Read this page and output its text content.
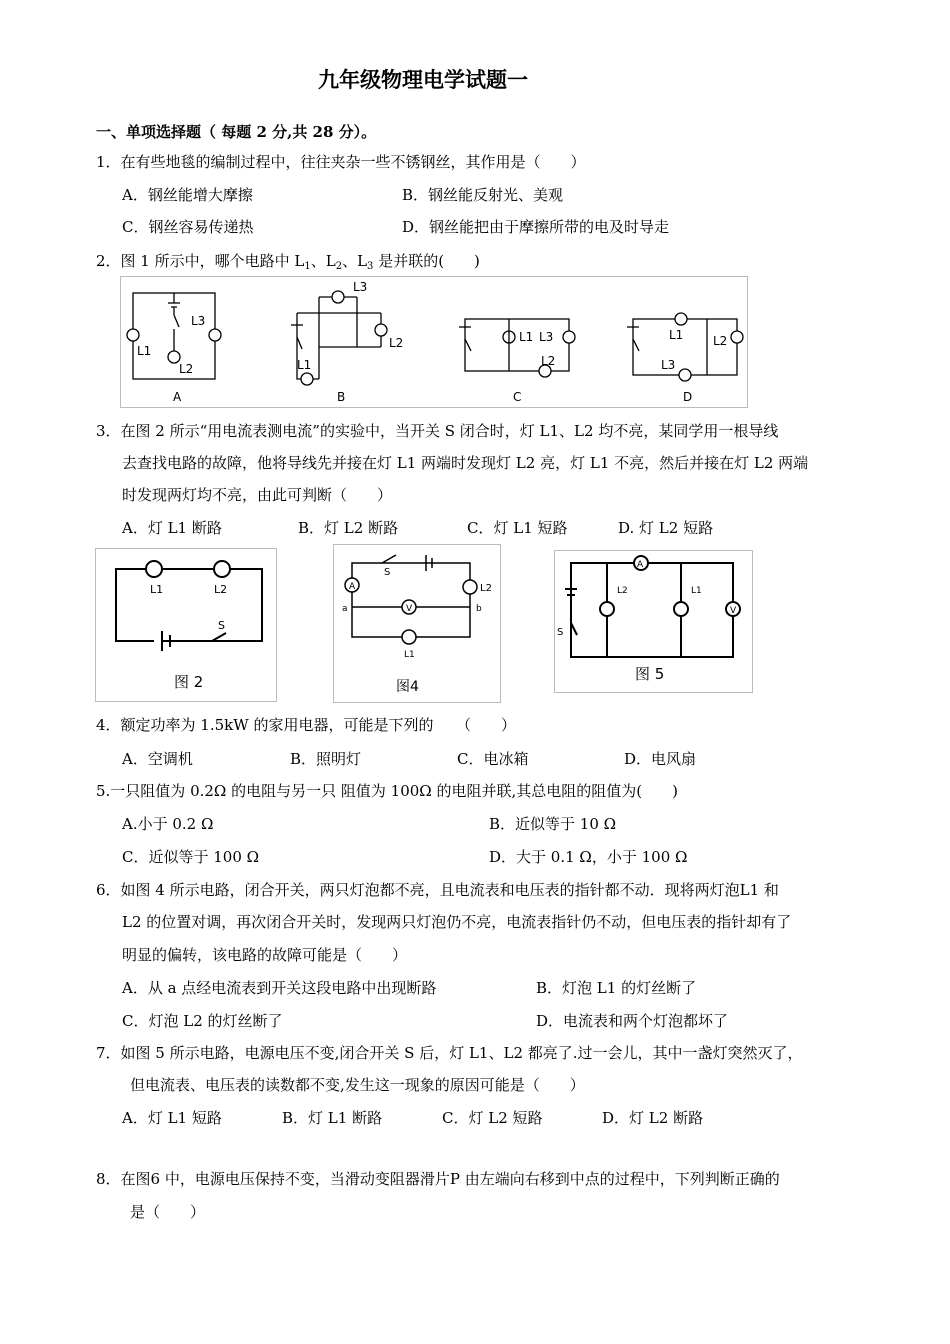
九年级物理电学试题一
一、单项选择题（ 每题 2 分,共 28 分）。
1．在有些地毯的编制过程中，往往夹杂一些不锈钢丝，其作用是（　　）
A．钢丝能增大摩擦	B．钢丝能反射光、美观
C．钢丝容易传递热	D．钢丝能把由于摩擦所带的电及时导走
2．图 1 所示中，哪个电路中 $L_1$、$L_2$、$L_3$ 是并联的(　　)
L3
L1
L2
L3
L2
L1
L1 L3
L2
L1 L2
L3
A	B	C	D
3．在图 2 所示“用电流表测电流”的实验中，当开关 S 闭合时，灯 L1、L2 均不亮，某同学用一根导线
去查找电路的故障，他将导线先并接在灯 L1 两端时发现灯 L2 亮，灯 L1 不亮，然后并接在灯 L2 两端
时发现两灯均不亮，由此可判断（　　）
A．灯 L1 断路	B．灯 L2 断路	C．灯 L1 短路	D. 灯 L2 短路
L1	L2
S
图 2
A
V
S
L2
a	b
L1
图4
A
V
L2	L1
S
图 5
4．额定功率为 1.5kW 的家用电器，可能是下列的　　（　　）
A．空调机	B．照明灯	C．电冰箱	D．电风扇
5.一只阻值为 0.2Ω 的电阻与另一只 阻值为 100Ω 的电阻并联,其总电阻的阻值为(　　)
A.小于 0.2 Ω	B．近似等于 10 Ω
C．近似等于 100 Ω	D．大于 0.1 Ω，小于 100 Ω
6．如图 4 所示电路，闭合开关，两只灯泡都不亮，且电流表和电压表的指针都不动．现将两灯泡L1 和
L2 的位置对调，再次闭合开关时，发现两只灯泡仍不亮，电流表指针仍不动，但电压表的指针却有了
明显的偏转，该电路的故障可能是（　　）
A．从 a 点经电流表到开关这段电路中出现断路	B．灯泡 L1 的灯丝断了
C．灯泡 L2 的灯丝断了	D．电流表和两个灯泡都坏了
7．如图 5 所示电路，电源电压不变,闭合开关 S 后，灯 L1、L2 都亮了.过一会儿，其中一盏灯突然灭了，
但电流表、电压表的读数都不变,发生这一现象的原因可能是（　　）
A．灯 L1 短路	B．灯 L1 断路	C．灯 L2 短路	D．灯 L2 断路
8．在图6 中，电源电压保持不变，当滑动变阻器滑片P 由左端向右移到中点的过程中，下列判断正确的
是（　　）
